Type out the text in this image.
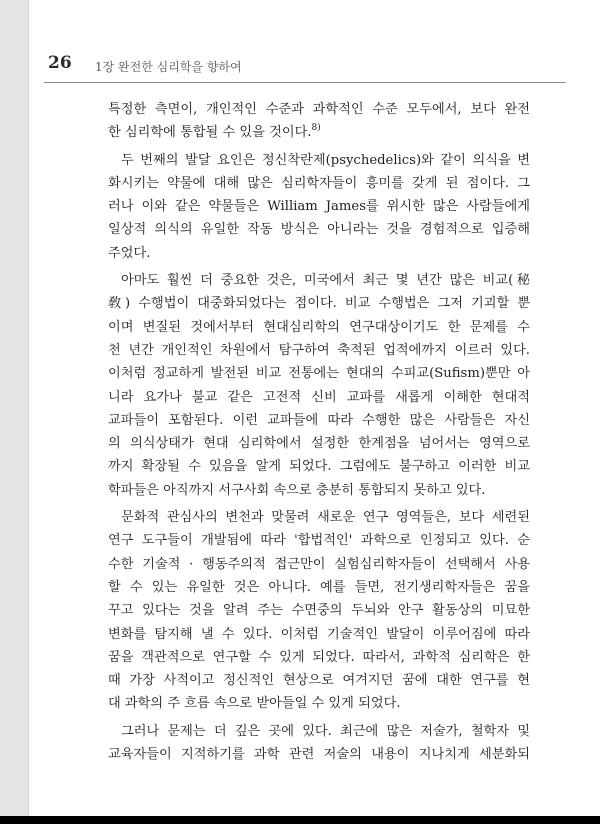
26 1장 완전한 심리학을 향하여
특정한 측면이, 개인적인 수준과 과학적인 수준 모두에서, 보다 완전
한 심리학에 통합될 수 있을 것이다.$^{8)}$
두 번째의 발달 요인은 정신착란제(psychedelics)와 같이 의식을 변
화시키는 약물에 대해 많은 심리학자들이 흥미를 갖게 된 점이다. 그
러나 이와 같은 약물들은 William James를 위시한 많은 사람들에게
일상적 의식의 유일한 작동 방식은 아니라는 것을 경험적으로 입증해
주었다.
아마도 훨씬 더 중요한 것은, 미국에서 최근 몇 년간 많은 비교(秘
敎) 수행법이 대중화되었다는 점이다. 비교 수행법은 그저 기괴할 뿐
이며 변질된 것에서부터 현대심리학의 연구대상이기도 한 문제를 수
천 년간 개인적인 차원에서 탐구하여 축적된 업적에까지 이르러 있다.
이처럼 정교하게 발전된 비교 전통에는 현대의 수피교(Sufism)뿐만 아
니라 요가나 불교 같은 고전적 신비 교파를 새롭게 이해한 현대적
교파들이 포함된다. 이런 교파들에 따라 수행한 많은 사람들은 자신
의 의식상태가 현대 심리학에서 설정한 한계점을 넘어서는 영역으로
까지 확장될 수 있음을 알게 되었다. 그럼에도 불구하고 이러한 비교
학파들은 아직까지 서구사회 속으로 충분히 통합되지 못하고 있다.
문화적 관심사의 변천과 맞물려 새로운 연구 영역들은, 보다 세련된
연구 도구들이 개발됨에 따라 '합법적인' 과학으로 인정되고 있다. 순
수한 기술적 · 행동주의적 접근만이 실험심리학자들이 선택해서 사용
할 수 있는 유일한 것은 아니다. 예를 들면, 전기생리학자들은 꿈을
꾸고 있다는 것을 알려 주는 수면중의 두뇌와 안구 활동상의 미묘한
변화를 탐지해 낼 수 있다. 이처럼 기술적인 발달이 이루어짐에 따라
꿈을 객관적으로 연구할 수 있게 되었다. 따라서, 과학적 심리학은 한
때 가장 사적이고 정신적인 현상으로 여겨지던 꿈에 대한 연구를 현
대 과학의 주 흐름 속으로 받아들일 수 있게 되었다.
그러나 문제는 더 깊은 곳에 있다. 최근에 많은 저술가, 철학자 및
교육자들이 지적하기를 과학 관련 저술의 내용이 지나치게 세분화되
